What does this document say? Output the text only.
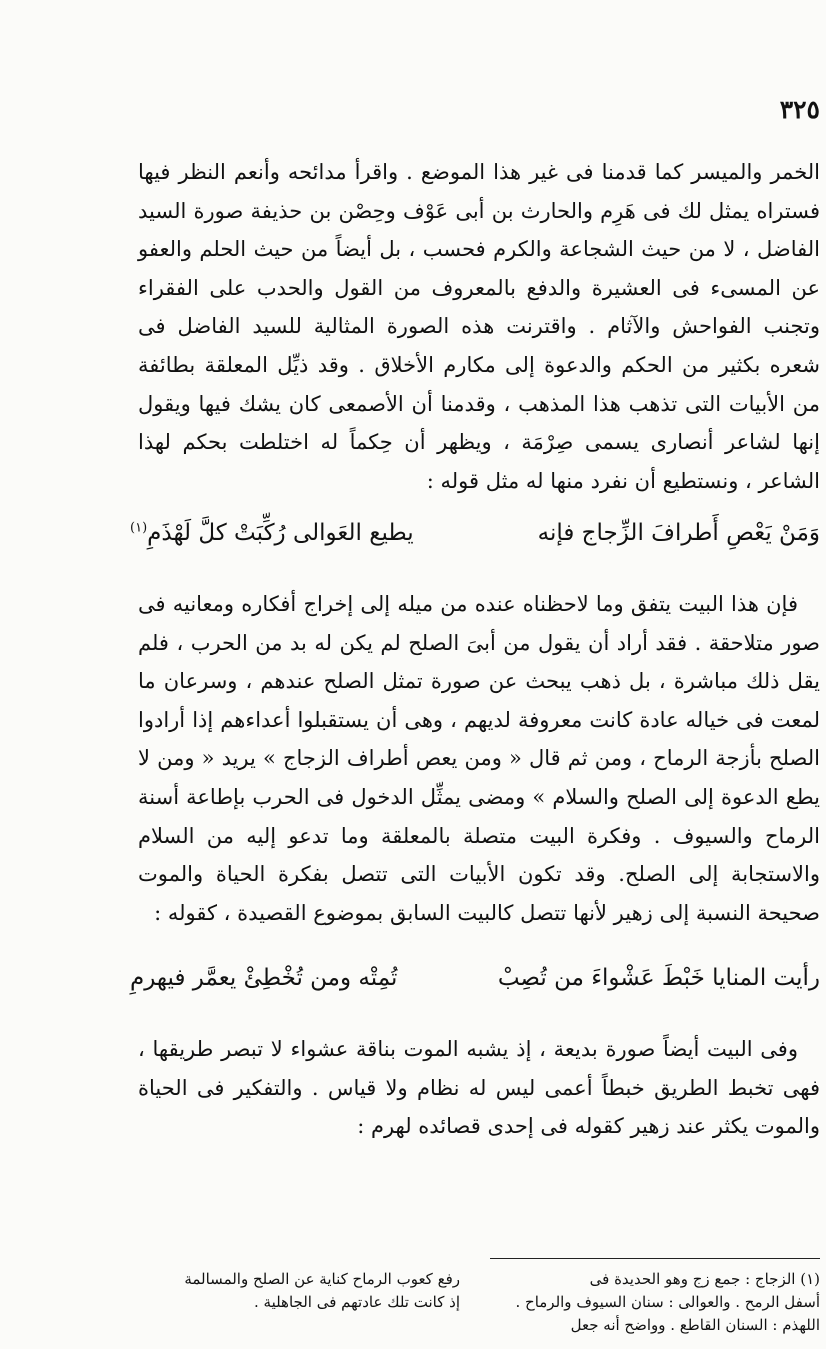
٣٢٥
الخمر والميسر كما قدمنا فى غير هذا الموضع . واقرأ مدائحه وأنعم النظر فيها فستراه يمثل لك فى هَرِم والحارث بن أبى عَوْف وحِصْن بن حذيفة صورة السيد الفاضل ، لا من حيث الشجاعة والكرم فحسب ، بل أيضاً من حيث الحلم والعفو عن المسىء فى العشيرة والدفع بالمعروف من القول والحدب على الفقراء وتجنب الفواحش والآثام . واقترنت هذه الصورة المثالية للسيد الفاضل فى شعره بكثير من الحكم والدعوة إلى مكارم الأخلاق . وقد ذيِّل المعلقة بطائفة من الأبيات التى تذهب هذا المذهب ، وقدمنا أن الأصمعى كان يشك فيها ويقول إنها لشاعر أنصارى يسمى صِرْمَة ، ويظهر أن حِكماً له اختلطت بحكم لهذا الشاعر ، ونستطيع أن نفرد منها له مثل قوله :
وَمَنْ يَعْصِ أَطرافَ الزِّجاج فإنه
يطيع العَوالى رُكِّبَتْ كلَّ لَهْذَمِ$^{(١)}$
فإن هذا البيت يتفق وما لاحظناه عنده من ميله إلى إخراج أفكاره ومعانيه فى صور متلاحقة . فقد أراد أن يقول من أبىَ الصلح لم يكن له بد من الحرب ، فلم يقل ذلك مباشرة ، بل ذهب يبحث عن صورة تمثل الصلح عندهم ، وسرعان ما لمعت فى خياله عادة كانت معروفة لديهم ، وهى أن يستقبلوا أعداءهم إذا أرادوا الصلح بأزجة الرماح ، ومن ثم قال « ومن يعص أطراف الزجاج » يريد « ومن لا يطع الدعوة إلى الصلح والسلام » ومضى يمثِّل الدخول فى الحرب بإطاعة أسنة الرماح والسيوف . وفكرة البيت متصلة بالمعلقة وما تدعو إليه من السلام والاستجابة إلى الصلح. وقد تكون الأبيات التى تتصل بفكرة الحياة والموت صحيحة النسبة إلى زهير لأنها تتصل كالبيت السابق بموضوع القصيدة ، كقوله :
رأيت المنايا خَبْطَ عَشْواءَ من تُصِبْ
تُمِتْه ومن تُخْطِئْ يعمَّر فيهرمِ
وفى البيت أيضاً صورة بديعة ، إذ يشبه الموت بناقة عشواء لا تبصر طريقها ، فهى تخبط الطريق خبطاً أعمى ليس له نظام ولا قياس . والتفكير فى الحياة والموت يكثر عند زهير كقوله فى إحدى قصائده لهرم :
(١) الزجاج : جمع زج وهو الحديدة فى
أسفل الرمح . والعوالى : سنان السيوف والرماح .
اللهذم : السنان القاطع . وواضح أنه جعل
رفع كعوب الرماح كناية عن الصلح والمسالمة
إذ كانت تلك عادتهم فى الجاهلية .
